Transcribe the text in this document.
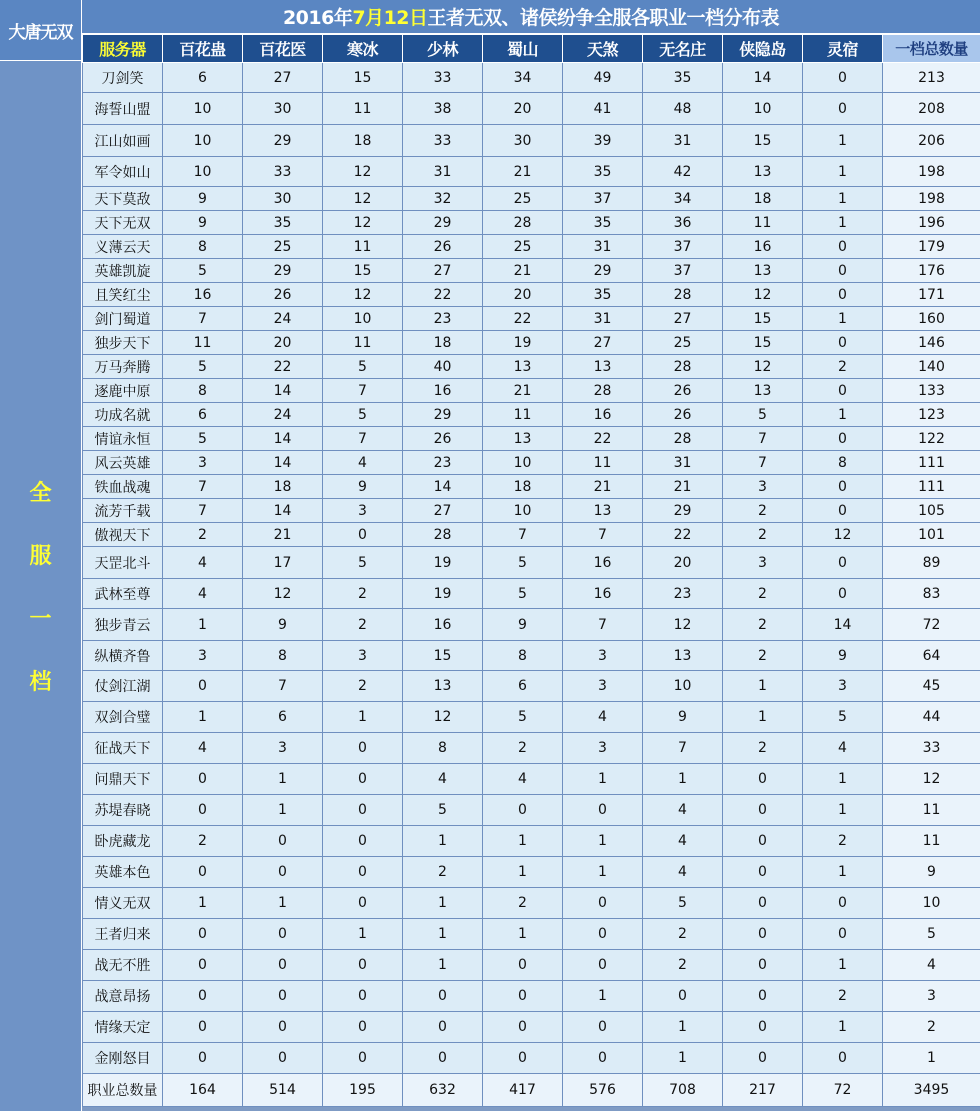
大唐无双
2016年 7月12日 王者无双、诸侯纷争全服各职业一档分布表
全
服
一
档
服务器	百花蛊	百花医	寒冰	少林	蜀山	天煞	无名庄	侠隐岛	灵宿	一档总数量
刀剑笑	6	27	15	33	34	49	35	14	0	213
海誓山盟	10	30	11	38	20	41	48	10	0	208
江山如画	10	29	18	33	30	39	31	15	1	206
军令如山	10	33	12	31	21	35	42	13	1	198
天下莫敌	9	30	12	32	25	37	34	18	1	198
天下无双	9	35	12	29	28	35	36	11	1	196
义薄云天	8	25	11	26	25	31	37	16	0	179
英雄凯旋	5	29	15	27	21	29	37	13	0	176
且笑红尘	16	26	12	22	20	35	28	12	0	171
剑门蜀道	7	24	10	23	22	31	27	15	1	160
独步天下	11	20	11	18	19	27	25	15	0	146
万马奔腾	5	22	5	40	13	13	28	12	2	140
逐鹿中原	8	14	7	16	21	28	26	13	0	133
功成名就	6	24	5	29	11	16	26	5	1	123
情谊永恒	5	14	7	26	13	22	28	7	0	122
风云英雄	3	14	4	23	10	11	31	7	8	111
铁血战魂	7	18	9	14	18	21	21	3	0	111
流芳千载	7	14	3	27	10	13	29	2	0	105
傲视天下	2	21	0	28	7	7	22	2	12	101
天罡北斗	4	17	5	19	5	16	20	3	0	89
武林至尊	4	12	2	19	5	16	23	2	0	83
独步青云	1	9	2	16	9	7	12	2	14	72
纵横齐鲁	3	8	3	15	8	3	13	2	9	64
仗剑江湖	0	7	2	13	6	3	10	1	3	45
双剑合璧	1	6	1	12	5	4	9	1	5	44
征战天下	4	3	0	8	2	3	7	2	4	33
问鼎天下	0	1	0	4	4	1	1	0	1	12
苏堤春晓	0	1	0	5	0	0	4	0	1	11
卧虎藏龙	2	0	0	1	1	1	4	0	2	11
英雄本色	0	0	0	2	1	1	4	0	1	9
情义无双	1	1	0	1	2	0	5	0	0	10
王者归来	0	0	1	1	1	0	2	0	0	5
战无不胜	0	0	0	1	0	0	2	0	1	4
战意昂扬	0	0	0	0	0	1	0	0	2	3
情缘天定	0	0	0	0	0	0	1	0	1	2
金刚怒目	0	0	0	0	0	0	1	0	0	1
职业总数量	164	514	195	632	417	576	708	217	72	3495
